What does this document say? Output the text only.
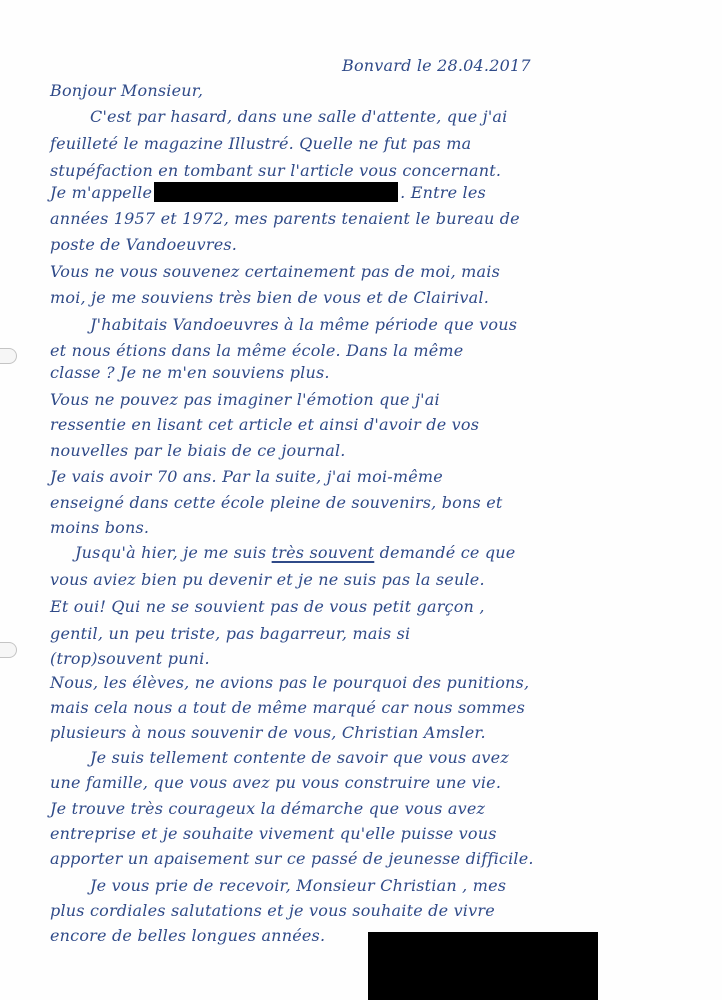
Bonvard le 28.04.2017
Bonjour Monsieur,
C'est par hasard, dans une salle d'attente, que j'ai
feuilleté le magazine Illustré. Quelle ne fut pas ma
stupéfaction en tombant sur l'article vous concernant.
Je m'appelle	. Entre les
années 1957 et 1972, mes parents tenaient le bureau de
poste de Vandoeuvres.
Vous ne vous souvenez certainement pas de moi, mais
moi, je me souviens très bien de vous et de Clairival.
J'habitais Vandoeuvres à la même période que vous
et nous étions dans la même école. Dans la même
classe ? Je ne m'en souviens plus.
Vous ne pouvez pas imaginer l'émotion que j'ai
ressentie en lisant cet article et ainsi d'avoir de vos
nouvelles par le biais de ce journal.
Je vais avoir 70 ans. Par la suite, j'ai moi-même
enseigné dans cette école pleine de souvenirs, bons et
moins bons.
Jusqu'à hier, je me suis très souvent demandé ce que
vous aviez bien pu devenir et je ne suis pas la seule.
Et oui! Qui ne se souvient pas de vous petit garçon ,
gentil, un peu triste, pas bagarreur, mais si
(trop)souvent puni.
Nous, les élèves, ne avions pas le pourquoi des punitions,
mais cela nous a tout de même marqué car nous sommes
plusieurs à nous souvenir de vous, Christian Amsler.
Je suis tellement contente de savoir que vous avez
une famille, que vous avez pu vous construire une vie.
Je trouve très courageux la démarche que vous avez
entreprise et je souhaite vivement qu'elle puisse vous
apporter un apaisement sur ce passé de jeunesse difficile.
Je vous prie de recevoir, Monsieur Christian , mes
plus cordiales salutations et je vous souhaite de vivre
encore de belles longues années.
